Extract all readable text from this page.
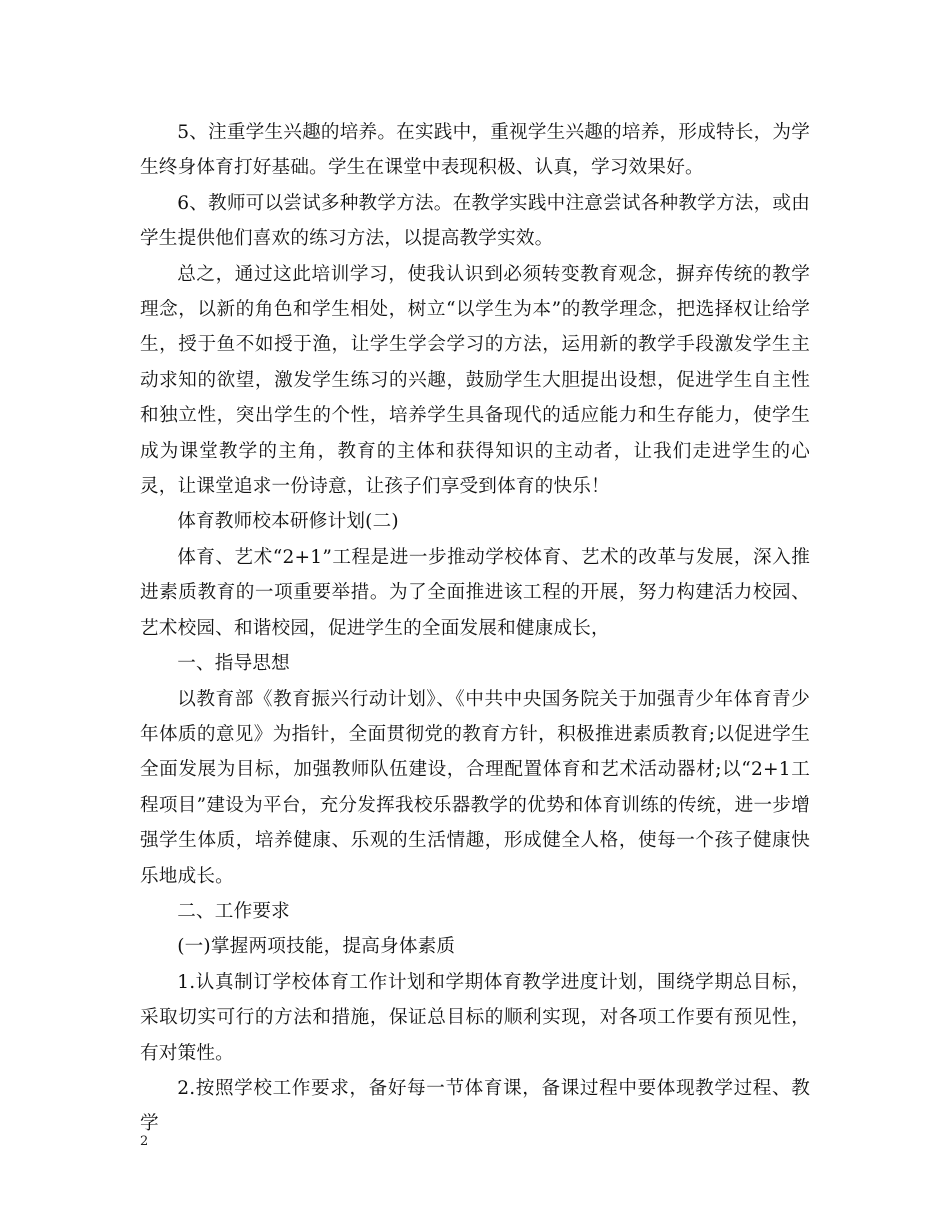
5、注重学生兴趣的培养。在实践中，重视学生兴趣的培养，形成特长，为学生终身体育打好基础。学生在课堂中表现积极、认真，学习效果好。

6、教师可以尝试多种教学方法。在教学实践中注意尝试各种教学方法，或由学生提供他们喜欢的练习方法，以提高教学实效。

总之，通过这此培训学习，使我认识到必须转变教育观念，摒弃传统的教学理念，以新的角色和学生相处，树立“以学生为本”的教学理念，把选择权让给学生，授于鱼不如授于渔，让学生学会学习的方法，运用新的教学手段激发学生主动求知的欲望，激发学生练习的兴趣，鼓励学生大胆提出设想，促进学生自主性和独立性，突出学生的个性，培养学生具备现代的适应能力和生存能力，使学生成为课堂教学的主角，教育的主体和获得知识的主动者，让我们走进学生的心灵，让课堂追求一份诗意，让孩子们享受到体育的快乐！

体育教师校本研修计划(二)

体育、艺术“2+1”工程是进一步推动学校体育、艺术的改革与发展，深入推进素质教育的一项重要举措。为了全面推进该工程的开展，努力构建活力校园、艺术校园、和谐校园，促进学生的全面发展和健康成长，

一、指导思想

以教育部《教育振兴行动计划》、《中共中央国务院关于加强青少年体育青少年体质的意见》为指针，全面贯彻党的教育方针，积极推进素质教育;以促进学生全面发展为目标，加强教师队伍建设，合理配置体育和艺术活动器材;以“2+1工程项目”建设为平台，充分发挥我校乐器教学的优势和体育训练的传统，进一步增强学生体质，培养健康、乐观的生活情趣，形成健全人格，使每一个孩子健康快乐地成长。

二、工作要求

(一)掌握两项技能，提高身体素质

1.认真制订学校体育工作计划和学期体育教学进度计划，围绕学期总目标，采取切实可行的方法和措施，保证总目标的顺利实现，对各项工作要有预见性，有对策性。

2.按照学校工作要求，备好每一节体育课，备课过程中要体现教学过程、教学

2
